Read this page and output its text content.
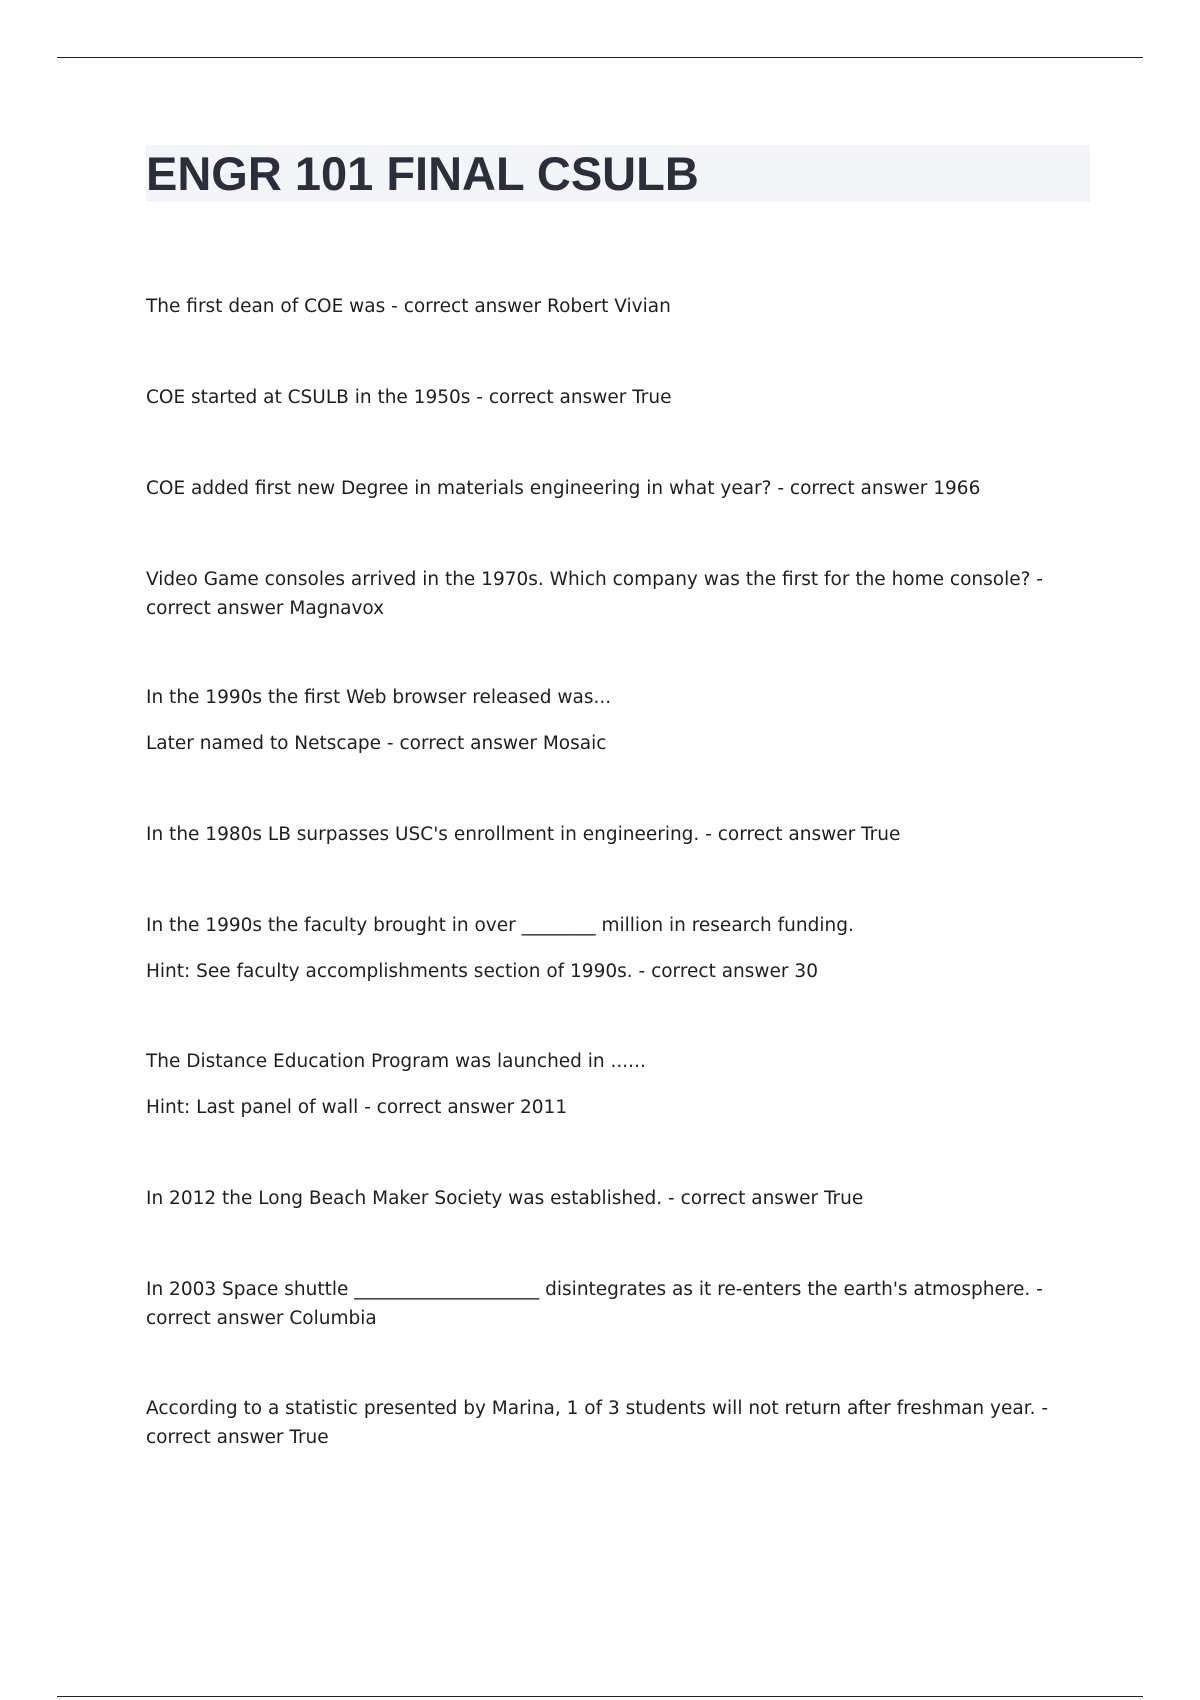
ENGR 101 FINAL CSULB

The first dean of COE was - correct answer Robert Vivian

COE started at CSULB in the 1950s - correct answer True

COE added first new Degree in materials engineering in what year? - correct answer 1966

Video Game consoles arrived in the 1970s. Which company was the first for the home console? - correct answer Magnavox

In the 1990s the first Web browser released was...

Later named to Netscape - correct answer Mosaic

In the 1980s LB surpasses USC's enrollment in engineering. - correct answer True

In the 1990s the faculty brought in over ________ million in research funding.

Hint: See faculty accomplishments section of 1990s. - correct answer 30

The Distance Education Program was launched in ......

Hint: Last panel of wall - correct answer 2011

In 2012 the Long Beach Maker Society was established. - correct answer True

In 2003 Space shuttle ____________________ disintegrates as it re-enters the earth's atmosphere. - correct answer Columbia

According to a statistic presented by Marina, 1 of 3 students will not return after freshman year. - correct answer True
